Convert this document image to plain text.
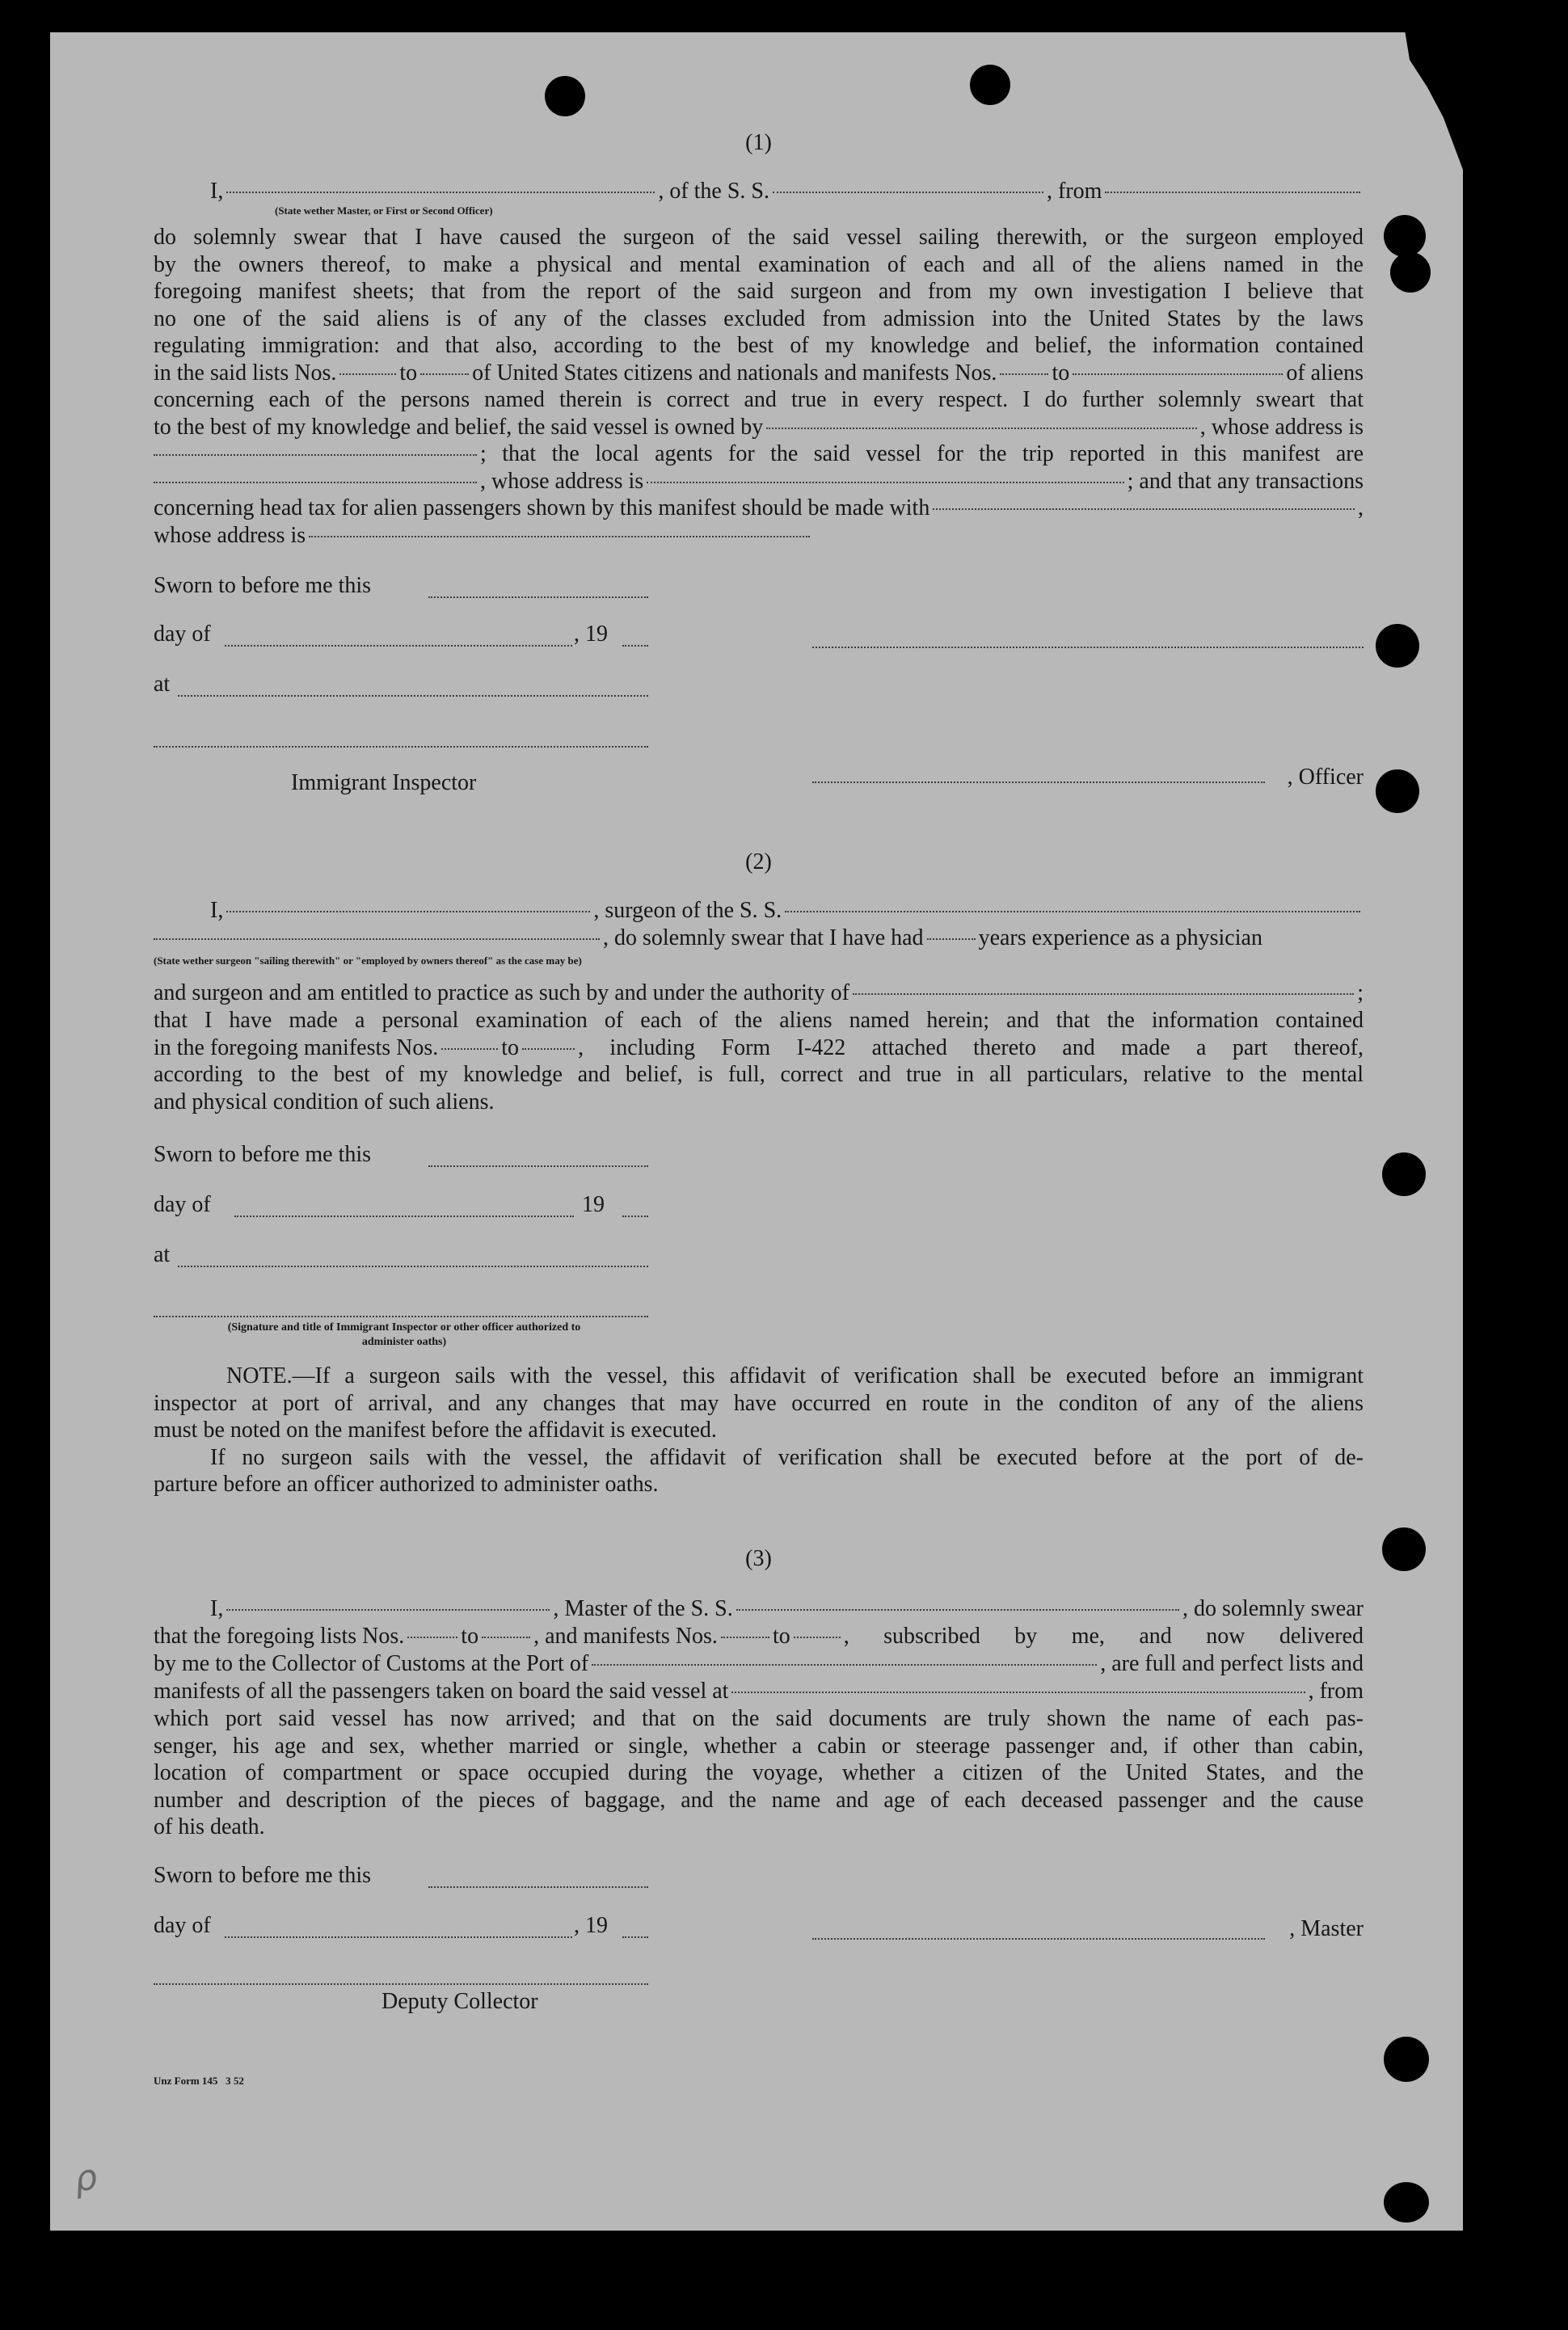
(1)
I,	, of the S. S.	, from
(State wether Master, or First or Second Officer)
do solemnly swear that I have caused the surgeon of the said vessel sailing therewith, or the surgeon employed
by the owners thereof, to make a physical and mental examination of each and all of the aliens named in the
foregoing manifest sheets; that from the report of the said surgeon and from my own investigation I believe that
no one of the said aliens is of any of the classes excluded from admission into the United States by the laws
regulating immigration: and that also, according to the best of my knowledge and belief, the information contained
in the said lists Nos.	to of United States citizens and nationals and manifests Nos. to	of aliens
concerning each of the persons named therein is correct and true in every respect. I do further solemnly sweart that
to the best of my knowledge and belief, the said vessel is owned by	, whose address is
; that the local agents for the said vessel for the trip reported in this manifest are
, whose address is	; and that any transactions
concerning head tax for alien passengers shown by this manifest should be made with	,
whose address is
Sworn to before me this
day of	, 19
at
Immigrant Inspector	, Officer
(2)
I,	, surgeon of the S. S.
, do solemnly swear that I have had years experience as a physician
(State wether surgeon "sailing therewith" or "employed by owners thereof" as the case may be)
and surgeon and am entitled to practice as such by and under the authority of	;
that I have made a personal examination of each of the aliens named herein; and that the information contained
in the foregoing manifests Nos.	to	, including Form I-422 attached thereto and made a part thereof,
according to the best of my knowledge and belief, is full, correct and true in all particulars, relative to the mental
and physical condition of such aliens.
Sworn to before me this
day of	19
at
(Signature and title of Immigrant Inspector or other officer authorized to administer oaths)
NOTE.—If a surgeon sails with the vessel, this affidavit of verification shall be executed before an immigrant
inspector at port of arrival, and any changes that may have occurred en route in the conditon of any of the aliens
must be noted on the manifest before the affidavit is executed.
If no surgeon sails with the vessel, the affidavit of verification shall be executed before at the port of de-
parture before an officer authorized to administer oaths.
(3)
I,	, Master of the S. S.	, do solemnly swear
that the foregoing lists Nos.	to , and manifests Nos. to , subscribed by me, and now delivered
by me to the Collector of Customs at the Port of	, are full and perfect lists and
manifests of all the passengers taken on board the said vessel at	, from
which port said vessel has now arrived; and that on the said documents are truly shown the name of each pas-
senger, his age and sex, whether married or single, whether a cabin or steerage passenger and, if other than cabin,
location of compartment or space occupied during the voyage, whether a citizen of the United States, and the
number and description of the pieces of baggage, and the name and age of each deceased passenger and the cause
of his death.
Sworn to before me this
day of	, 19	, Master
Deputy Collector
Unz Form 145   3 52
ρ
